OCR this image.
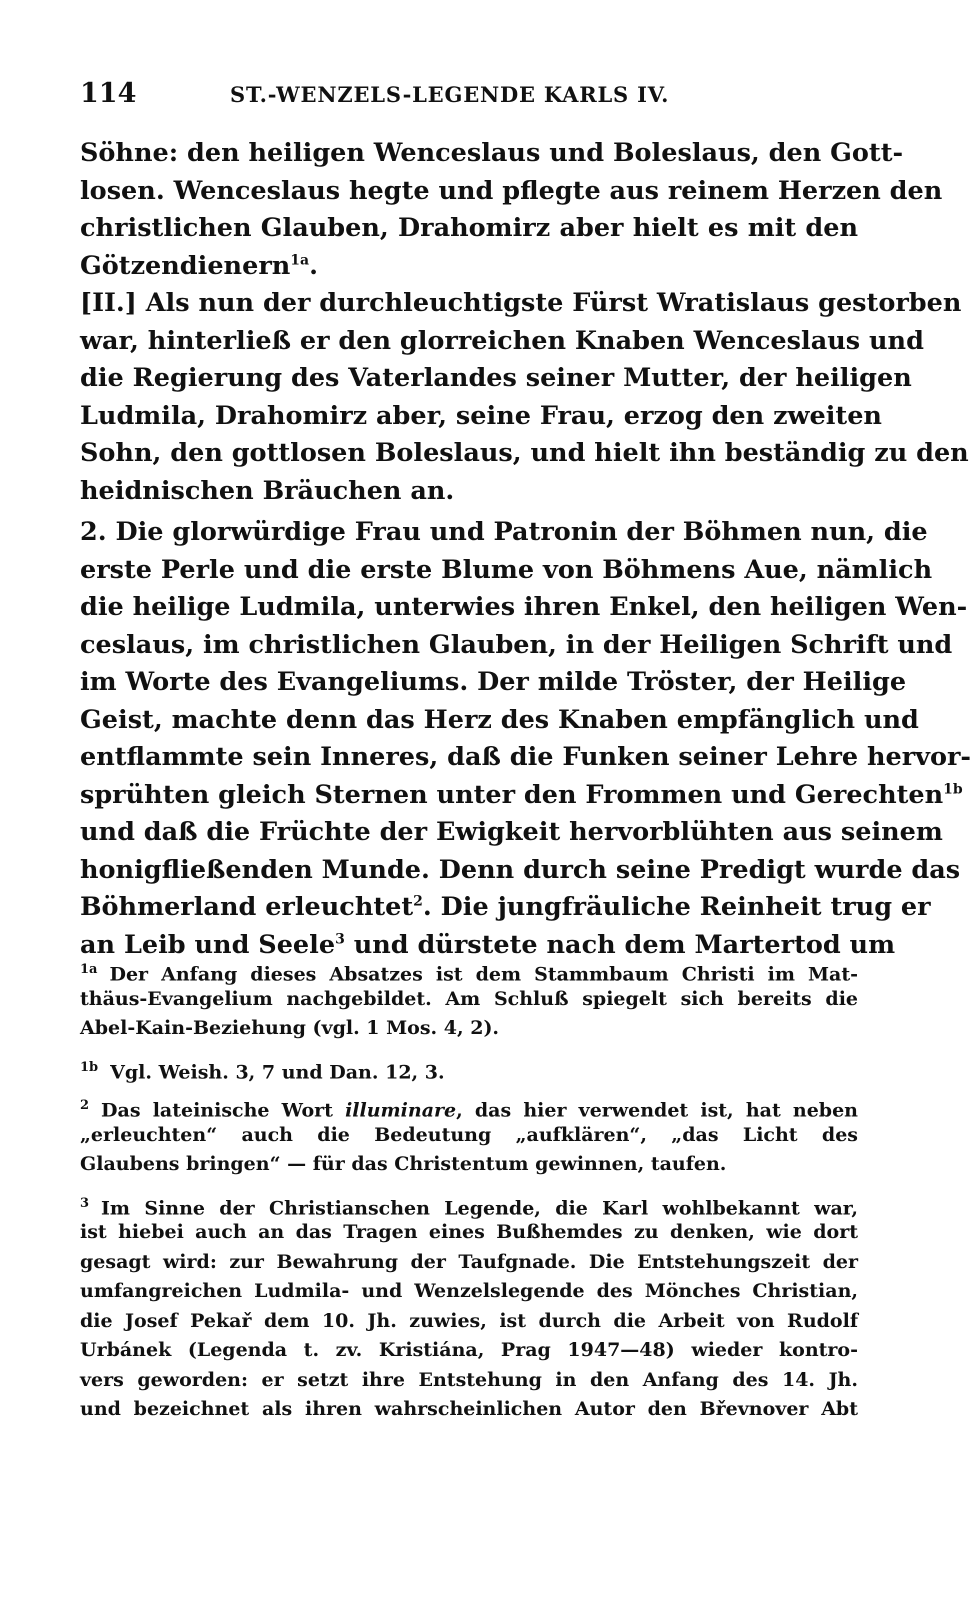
114	ST.-WENZELS-LEGENDE KARLS IV.
Söhne: den heiligen Wenceslaus und Boleslaus, den Gott-
losen. Wenceslaus hegte und pflegte aus reinem Herzen den
christlichen Glauben, Drahomirz aber hielt es mit den
Götzendienern$^{1a}$.
[II.] Als nun der durchleuchtigste Fürst Wratislaus gestorben
war, hinterließ er den glorreichen Knaben Wenceslaus und
die Regierung des Vaterlandes seiner Mutter, der heiligen
Ludmila, Drahomirz aber, seine Frau, erzog den zweiten
Sohn, den gottlosen Boleslaus, und hielt ihn beständig zu den
heidnischen Bräuchen an.
2. Die glorwürdige Frau und Patronin der Böhmen nun, die
erste Perle und die erste Blume von Böhmens Aue, nämlich
die heilige Ludmila, unterwies ihren Enkel, den heiligen Wen-
ceslaus, im christlichen Glauben, in der Heiligen Schrift und
im Worte des Evangeliums. Der milde Tröster, der Heilige
Geist, machte denn das Herz des Knaben empfänglich und
entflammte sein Inneres, daß die Funken seiner Lehre hervor-
sprühten gleich Sternen unter den Frommen und Gerechten$^{1b}$
und daß die Früchte der Ewigkeit hervorblühten aus seinem
honigfließenden Munde. Denn durch seine Predigt wurde das
Böhmerland erleuchtet$^2$. Die jungfräuliche Reinheit trug er
an Leib und Seele$^3$ und dürstete nach dem Martertod um
$^{1a}$ Der Anfang dieses Absatzes ist dem Stammbaum Christi im Mat-
thäus-Evangelium nachgebildet. Am Schluß spiegelt sich bereits die
Abel-Kain-Beziehung (vgl. 1 Mos. 4, 2).
$^{1b}$ Vgl. Weish. 3, 7 und Dan. 12, 3.
$^2$ Das lateinische Wort illuminare, das hier verwendet ist, hat neben
„erleuchten“ auch die Bedeutung „aufklären“, „das Licht des
Glaubens bringen“ — für das Christentum gewinnen, taufen.
$^3$ Im Sinne der Christianschen Legende, die Karl wohlbekannt war,
ist hiebei auch an das Tragen eines Bußhemdes zu denken, wie dort
gesagt wird: zur Bewahrung der Taufgnade. Die Entstehungszeit der
umfangreichen Ludmila- und Wenzelslegende des Mönches Christian,
die Josef Pekař dem 10. Jh. zuwies, ist durch die Arbeit von Rudolf
Urbánek (Legenda t. zv. Kristiána, Prag 1947—48) wieder kontro-
vers geworden: er setzt ihre Entstehung in den Anfang des 14. Jh.
und bezeichnet als ihren wahrscheinlichen Autor den Břevnover Abt
